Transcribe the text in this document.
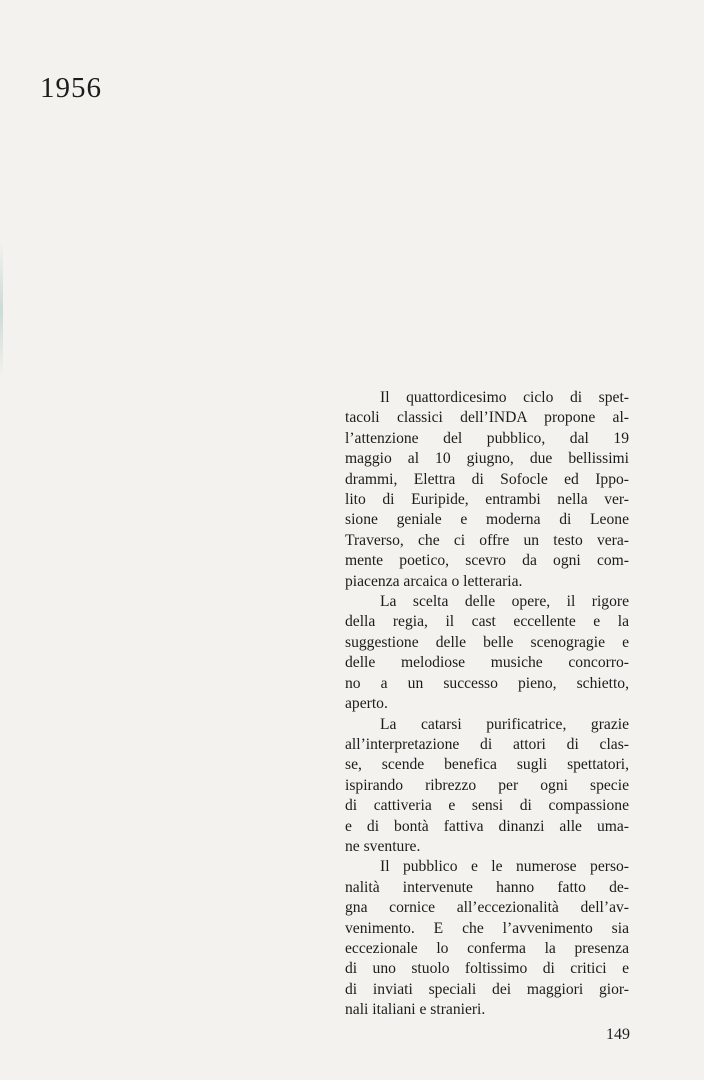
1956
Il quattordicesimo ciclo di spet-
tacoli classici dell’INDA propone al-
l’attenzione del pubblico, dal 19
maggio al 10 giugno, due bellissimi
drammi, Elettra di Sofocle ed Ippo-
lito di Euripide, entrambi nella ver-
sione geniale e moderna di Leone
Traverso, che ci offre un testo vera-
mente poetico, scevro da ogni com-
piacenza arcaica o letteraria.
La scelta delle opere, il rigore
della regia, il cast eccellente e la
suggestione delle belle scenogragie e
delle melodiose musiche concorro-
no a un successo pieno, schietto,
aperto.
La catarsi purificatrice, grazie
all’interpretazione di attori di clas-
se, scende benefica sugli spettatori,
ispirando ribrezzo per ogni specie
di cattiveria e sensi di compassione
e di bontà fattiva dinanzi alle uma-
ne sventure.
Il pubblico e le numerose perso-
nalità intervenute hanno fatto de-
gna cornice all’eccezionalità dell’av-
venimento. E che l’avvenimento sia
eccezionale lo conferma la presenza
di uno stuolo foltissimo di critici e
di inviati speciali dei maggiori gior-
nali italiani e stranieri.
149
